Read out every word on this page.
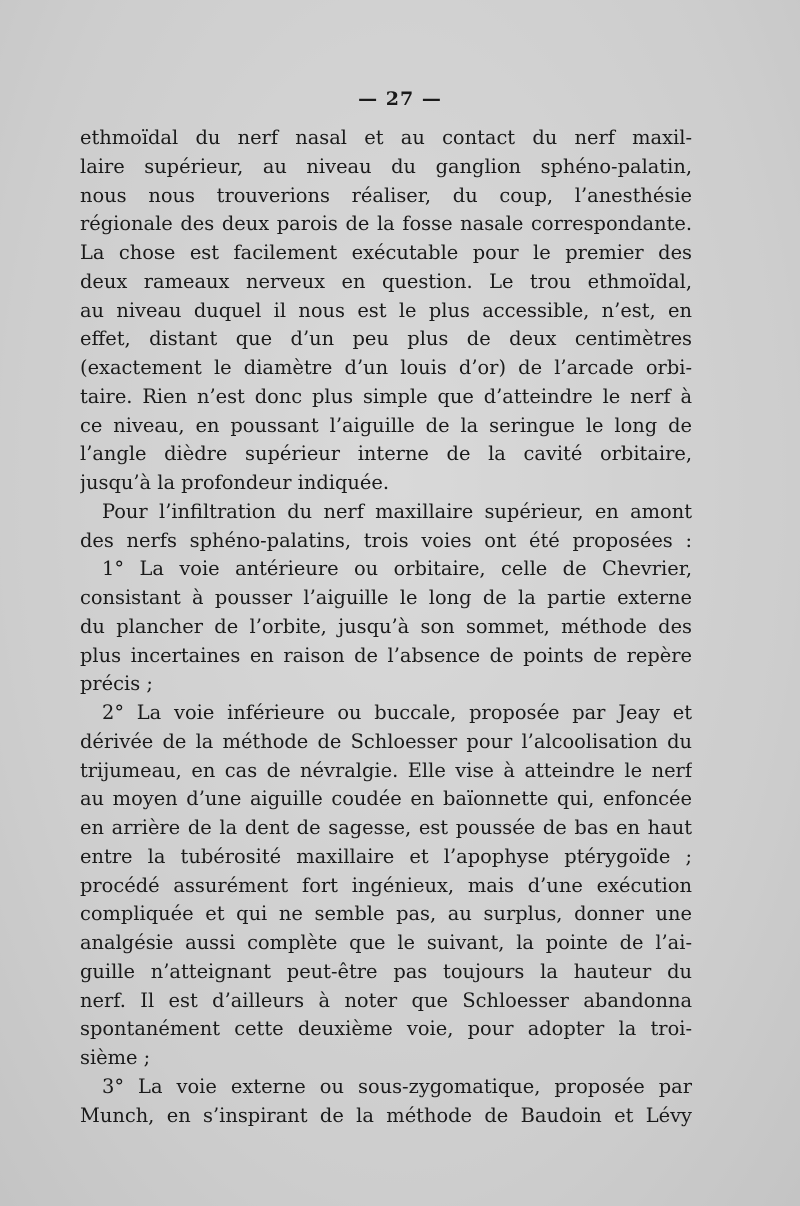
— 27 —
ethmoïdal du nerf nasal et au contact du nerf maxil-
laire supérieur, au niveau du ganglion sphéno-palatin,
nous nous trouverions réaliser, du coup, l’anesthésie
régionale des deux parois de la fosse nasale correspondante.
La chose est facilement exécutable pour le premier des
deux rameaux nerveux en question. Le trou ethmoïdal,
au niveau duquel il nous est le plus accessible, n’est, en
effet, distant que d’un peu plus de deux centimètres
(exactement le diamètre d’un louis d’or) de l’arcade orbi-
taire. Rien n’est donc plus simple que d’atteindre le nerf à
ce niveau, en poussant l’aiguille de la seringue le long de
l’angle dièdre supérieur interne de la cavité orbitaire,
jusqu’à la profondeur indiquée.
Pour l’infiltration du nerf maxillaire supérieur, en amont
des nerfs sphéno-palatins, trois voies ont été proposées :
1° La voie antérieure ou orbitaire, celle de Chevrier,
consistant à pousser l’aiguille le long de la partie externe
du plancher de l’orbite, jusqu’à son sommet, méthode des
plus incertaines en raison de l’absence de points de repère
précis ;
2° La voie inférieure ou buccale, proposée par Jeay et
dérivée de la méthode de Schloesser pour l’alcoolisation du
trijumeau, en cas de névralgie. Elle vise à atteindre le nerf
au moyen d’une aiguille coudée en baïonnette qui, enfoncée
en arrière de la dent de sagesse, est poussée de bas en haut
entre la tubérosité maxillaire et l’apophyse ptérygoïde ;
procédé assurément fort ingénieux, mais d’une exécution
compliquée et qui ne semble pas, au surplus, donner une
analgésie aussi complète que le suivant, la pointe de l’ai-
guille n’atteignant peut-être pas toujours la hauteur du
nerf. Il est d’ailleurs à noter que Schloesser abandonna
spontanément cette deuxième voie, pour adopter la troi-
sième ;
3° La voie externe ou sous-zygomatique, proposée par
Munch, en s’inspirant de la méthode de Baudoin et Lévy
